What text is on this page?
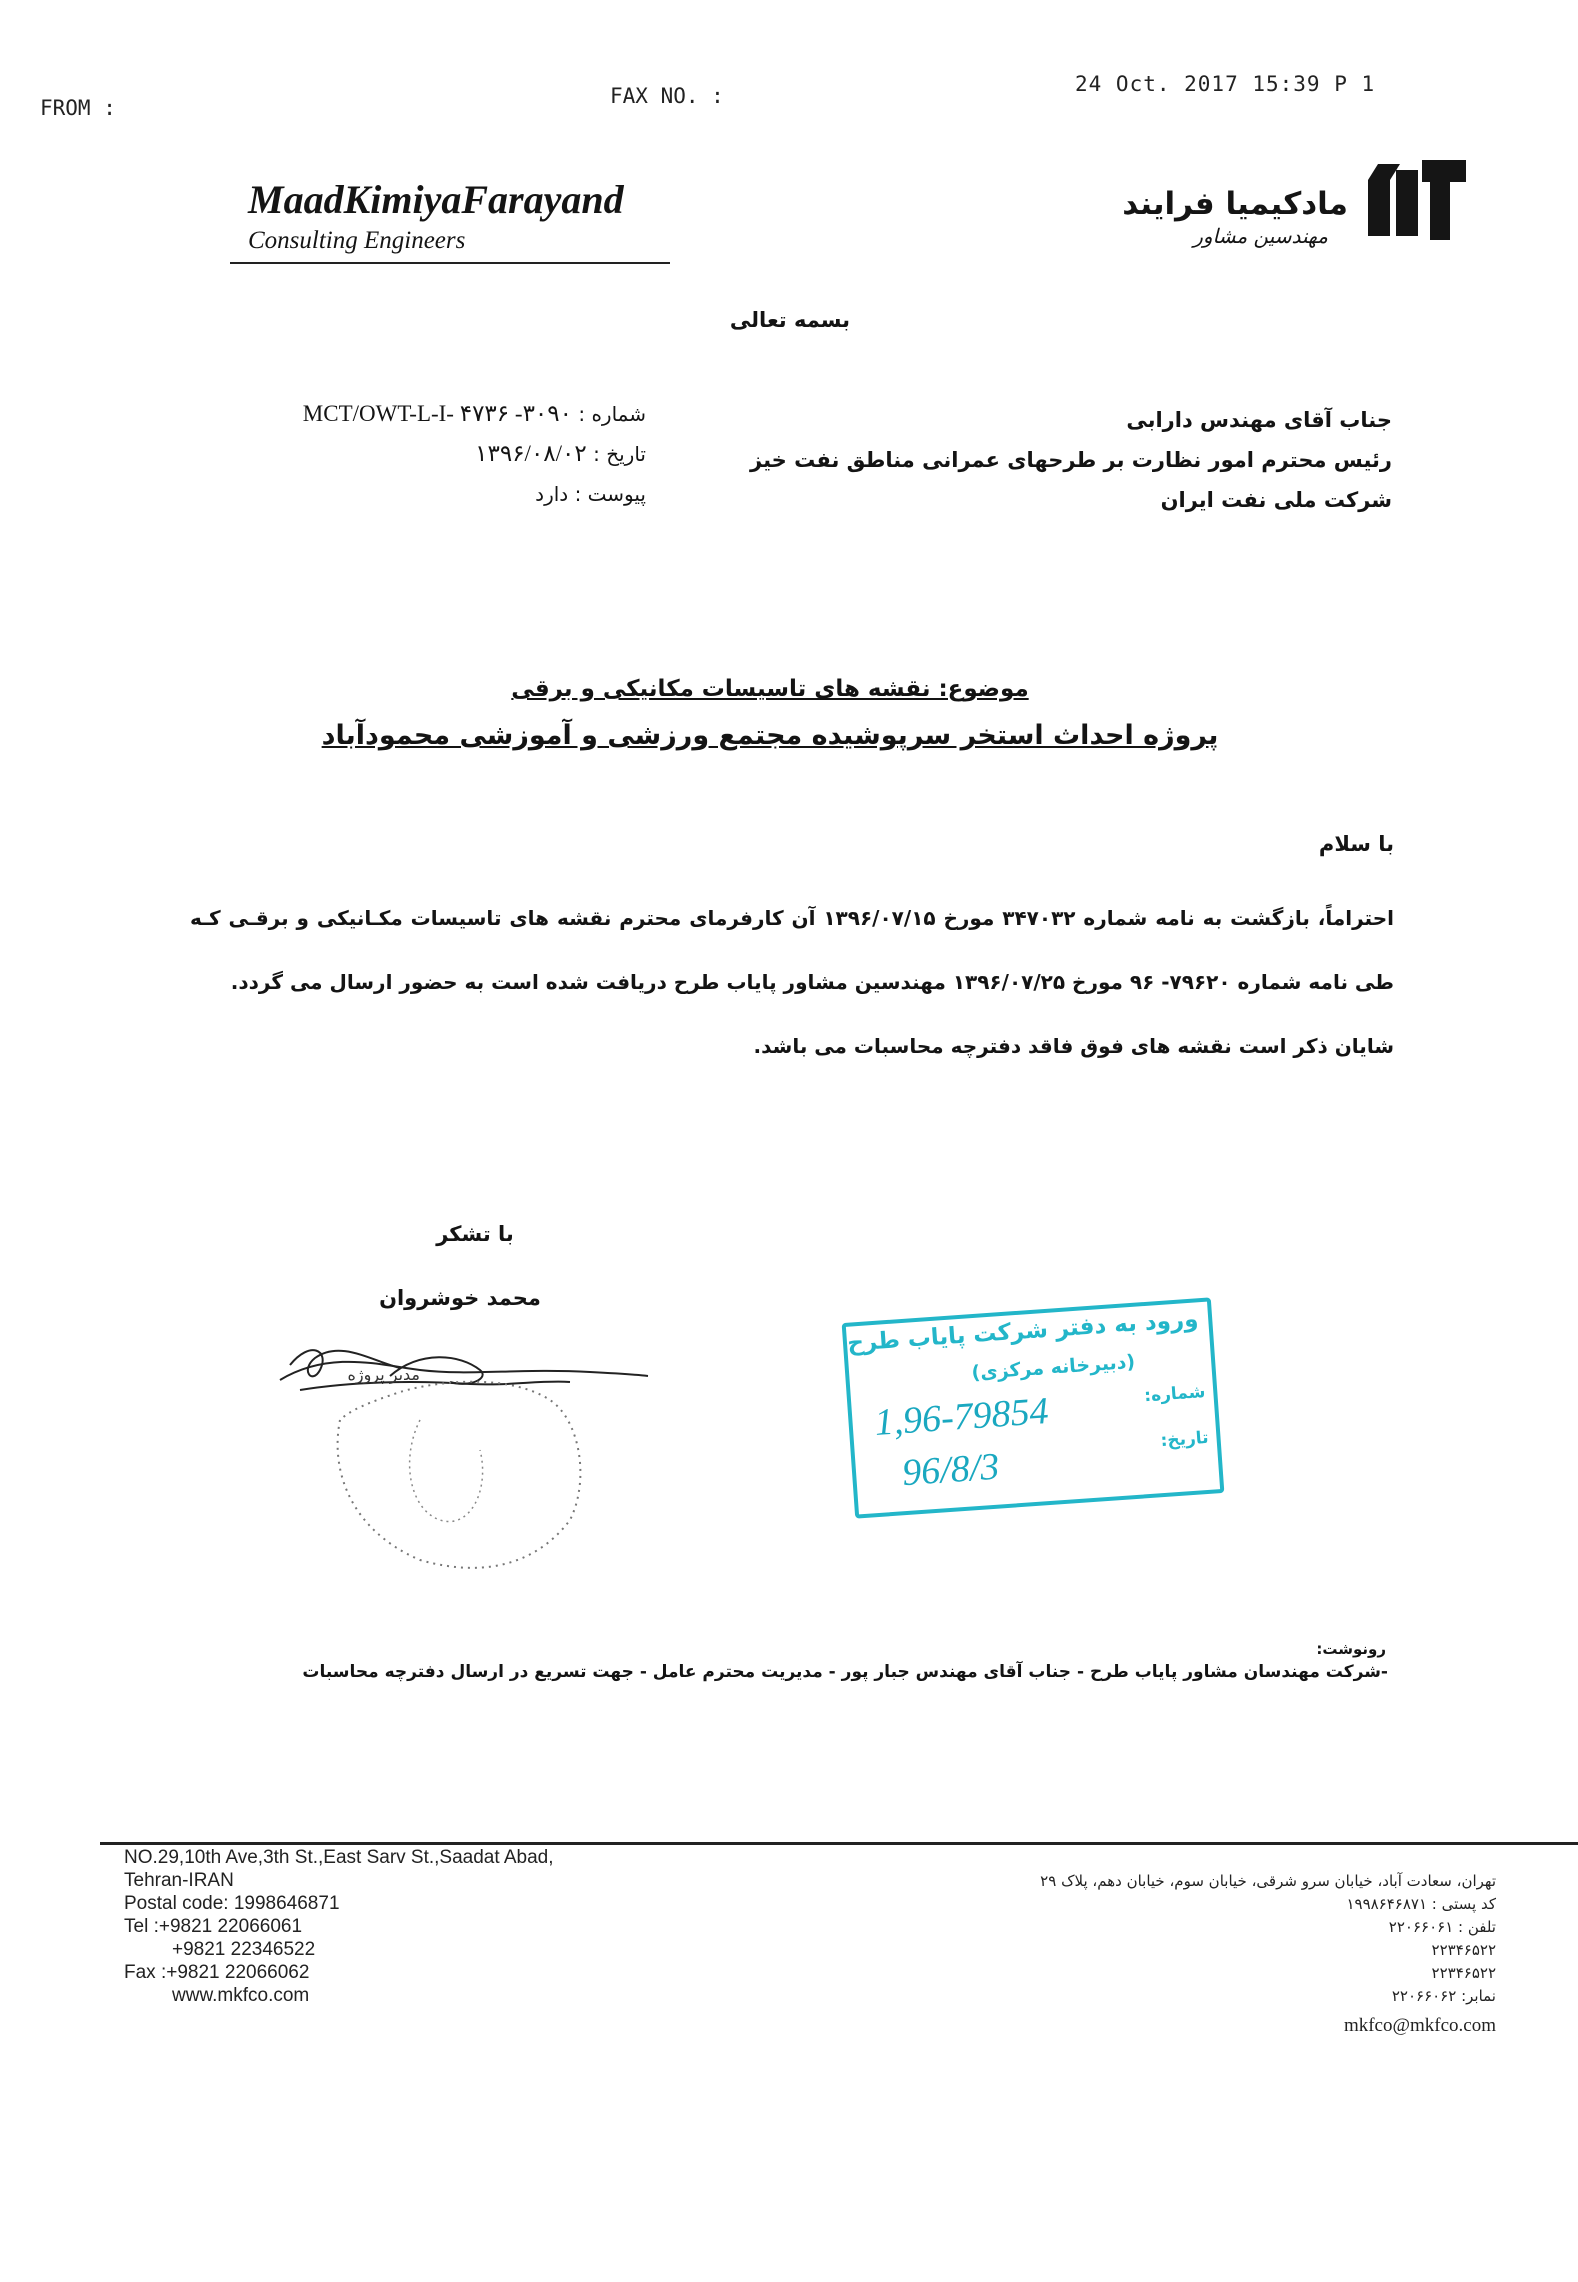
FROM :	FAX NO. :	24 Oct. 2017 15:39 P 1
MaadKimiyaFarayand
Consulting Engineers
مادکیمیا فرایند
مهندسین مشاور
بسمه تعالی
جناب آقای مهندس دارابی
رئیس محترم امور نظارت بر طرحهای عمرانی مناطق نفت خیز
شرکت ملی نفت ایران
شماره : ۳۰۹۰- MCT/OWT-L-I- ۴۷۳۶
تاریخ : ۱۳۹۶/۰۸/۰۲
پیوست : دارد
موضوع: نقشه های تاسیسات مکانیکی و برقی
پروژه احداث استخر سرپوشیده مجتمع ورزشی و آموزشی محمودآباد
با سلام
احتراماً، بازگشت به نامه شماره ۳۴۷۰۳۲ مورخ ۱۳۹۶/۰۷/۱۵ آن کارفرمای محترم نقشه های تاسیسات مکـانیکی و برقـی کـه طی نامه شماره ۷۹۶۲۰- ۹۶ مورخ ۱۳۹۶/۰۷/۲۵ مهندسین مشاور پایاب طرح دریافت شده است به حضور ارسال می گردد.
شایان ذکر است نقشه های فوق فاقد دفترچه محاسبات می باشد.
با تشکر
محمد خوشروان
مدیر پروژه
ورود به دفتر شرکت پایاب طرح
(دبیرخانه مرکزی)
شماره:
تاریخ:
1,96-79854
96/8/3
رونوشت:
-شرکت مهندسان مشاور پایاب طرح - جناب آقای مهندس جبار پور - مدیریت محترم عامل - جهت تسریع در ارسال دفترچه محاسبات
NO.29,10th Ave,3th St.,East Sarv St.,Saadat Abad,
Tehran-IRAN
Postal code: 1998646871
Tel :+9821 22066061
+9821 22346522
Fax :+9821 22066062
www.mkfco.com
تهران، سعادت آباد، خیابان سرو شرقی، خیابان سوم، خیابان دهم، پلاک ۲۹
کد پستی : ۱۹۹۸۶۴۶۸۷۱
تلفن : ۲۲۰۶۶۰۶۱
۲۲۳۴۶۵۲۲
۲۲۳۴۶۵۲۲
نمابر: ۲۲۰۶۶۰۶۲
mkfco@mkfco.com
